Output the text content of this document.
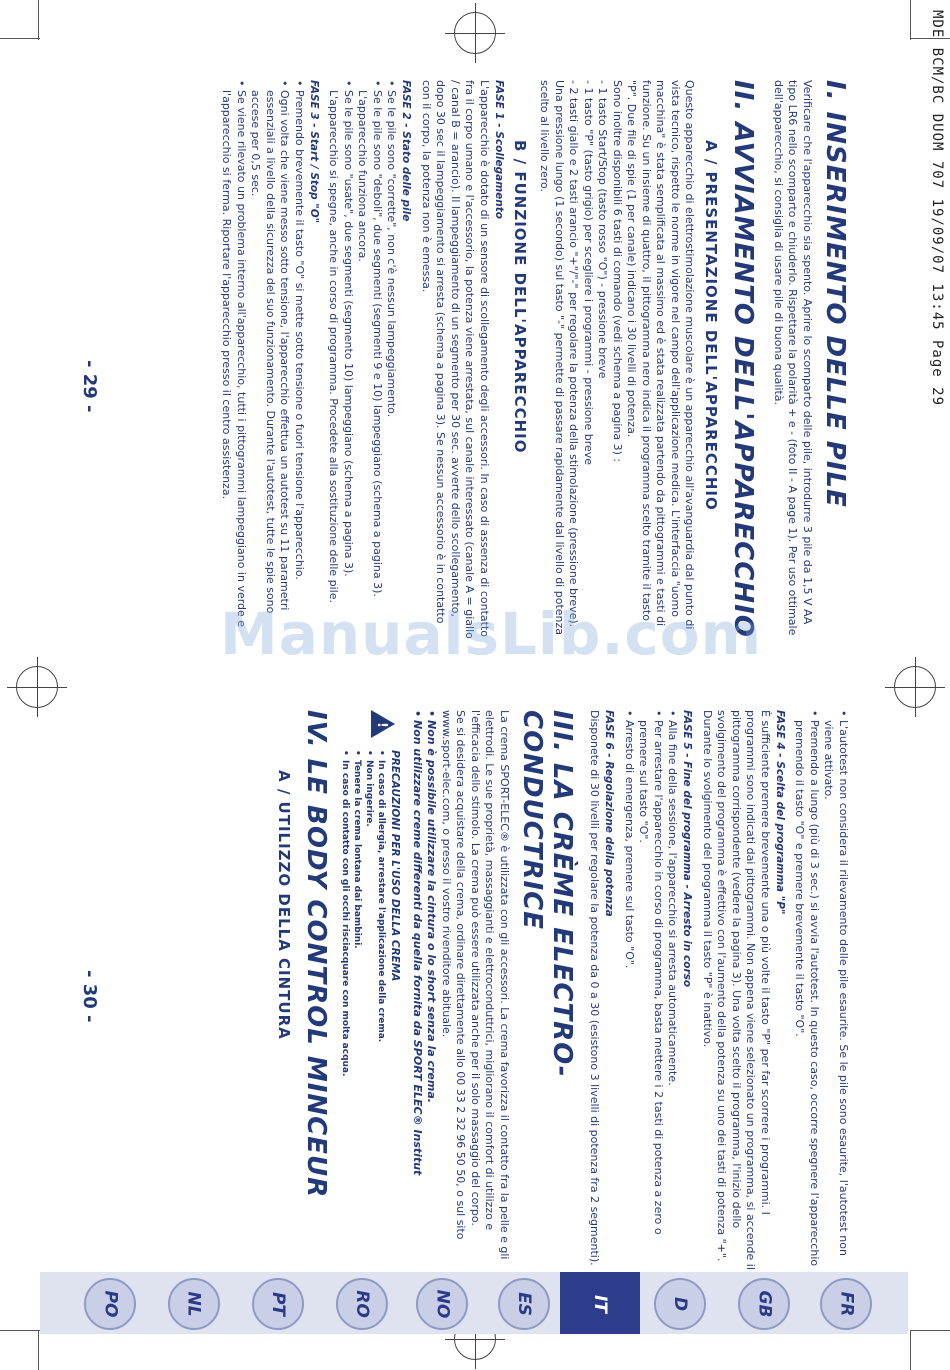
MDE BCM/BC DUOM 707 19/09/07 13:45 Page 29
I. INSERIMENTO DELLE PILE

Verificare che l'apparecchio sia spento. Aprire lo scomparto delle pile, introdurre 3 pile da 1,5 V AA tipo LR6 nello scomparto e chiuderlo. Rispettare la polarità + e - (foto II - A page 1). Per uso ottimale dell'apparecchio, si consiglia di usare pile di buona qualità.

II. AVVIAMENTO DELL'APPARECCHIO
A / PRESENTAZIONE DELL'APPARECCHIO

Questo apparecchio di elettrostimolazione muscolare è un apparecchio all'avanguardia dal punto di vista tecnico, rispetto le norme in vigore nel campo dell'applicazione medica. L'interfaccia "uomo macchina" è stata semplificata al massimo ed è stata realizzata partendo da pittogrammi e tasti di funzione. Su un insieme di quattro, il pittogramma nero indica il programma scelto tramite il tasto "P". Due file di spie (1 per canale) indicano i 30 livelli di potenza.

Sono inoltre disponibili 6 tasti di comando (vedi schema a pagina 3) :

- 1 tasto Start/Stop (tasto rosso "O") - pressione breve

- 1 tasto "P" (tasto grigio) per scegliere i programmi - pressione breve

- 2 tasti giallo e 2 tasti arancio "+"/"-" per regolare la potenza della stimolazione (pressione breve). Una pressione lungo (1 secondo) sul tasto "-" permette di passare rapidamente dal livello di potenza scelto al livello zero.

B / FUNZIONE DELL'APPARECCHIO
FASE 1 - Scollegamento

L'apparecchio è dotato di un sensore di scollegamento degli accessori. In caso di assenza di contatto fra il corpo umano e l'accessorio, la potenza viene arrestata, sul canale interessato (canale A = giallo / canal B = arancio). Il lampeggiamento di un segmento per 30 sec. avverte dello scollegamento, dopo 30 sec il lampeggiamento si arresta (schema a pagina 3). Se nessun accessorio è in contatto con il corpo, la potenza non è emessa.

FASE 2 - Stato delle pile
• Se le pile sono "corrette", non c'è nessun lampeggiamento.
• Se le pile sono "deboli", due segmenti (segmenti 9 e 10) lampeggiano (schema a pagina 3). L'apparecchio funziona ancora.
• Se le pile sono "usate", due segmenti (segmento 10) lampeggiano (schema a pagina 3). L'apparecchio si spegne, anche in corso di programma. Procedete alla sostituzione delle pile.
FASE 3 - Start / Stop "O"
• Premendo brevemente il tasto "O" si mette sotto tensione o fuori tensione l'apparecchio.
• Ogni volta che viene messo sotto tensione, l'apparecchio effettua un autotest su 11 parametri essenziali a livello della sicurezza del suo funzionamento. Durante l'autotest, tutte le spie sono accese per 0,5 sec.
• Se viene rilevato un problema interno all'apparecchio, tutti i pittogrammi lampeggiano in verde e l'apparecchio si ferma. Riportare l'apparecchio presso il centro assistenza.
• L'autotest non considera il rilevamento delle pile esaurite. Se le pile sono esaurite, l'autotest non viene attivato.
• Premendo a lungo (più di 3 sec.) si avvia l'autotest. In questo caso, occorre spegnere l'apparecchio premendo il tasto "O" e premere brevemente il tasto "O".
FASE 4 - Scelta del programma "P"

È sufficiente premere brevemente una o più volte il tasto "P" per far scorrere i programmi. I programmi sono indicati dai pittogrammi. Non appena viene selezionato un programma, si accende il pittogramma corrispondente (vedere la pagina 3). Una volta scelto il programma, l'inizio dello svolgimento del programma è effettivo con l'aumento della potenza su uno dei tasti di potenza "+". Durante lo svolgimento del programma il tasto "P" è inattivo.

FASE 5 - Fine del programma - Arresto in corso
• Alla fine della sessione, l'apparecchio si arresta automaticamente.
• Per arrestare l'apparecchio in corso di programma, basta mettere i 2 tasti di potenza a zero o premere sul tasto "O".
• Arresto di emergenza, premere sul tasto "O".
FASE 6 - Regolazione della potenza

Disponete di 30 livelli per regolare la potenza da 0 a 30 (esistono 3 livelli di potenza fra 2 segmenti).

III. LA CRÈME ELECTRO-CONDUCTRICE

La crema SPORT-ELEC® è utilizzata con gli accessori. La crema favorizza il contatto fra la pelle e gli elettrodi. Le sue proprietà, massaggianti e elettroconduttrici, migliorano il comfort di utilizzo e l'efficacia dello stimolo. La crema può essere utilizzata anche per il solo massaggio del corpo.

Se si desidera acquistare della crema, ordinare direttamente allo 00 33 2 32 96 50 50, o sul sito www.sport-elec.com, o presso il vostro rivenditore abituale.

• Non è possibile utilizzare la cintura o lo short senza la crema.
• Non utilizzare creme differenti da quella fornita da SPORT ELEC® Institut
!
PRECAUZIONI PER L'USO DELLA CREMA
• In caso di allergia, arrestare l'applicazione della crema.
• Non ingerire.
• Tenere la crema lontana dai bambini.
• In caso di contatto con gli occhi risciacquare con molta acqua.
IV. LE BODY CONTROL MINCEUR
A / UTILIZZO DELLA CINTURA
- 29 -
- 30 -
ManualsLib.com
PO	NL	PT	RO	NO	ES	IT	D	GB	FR
